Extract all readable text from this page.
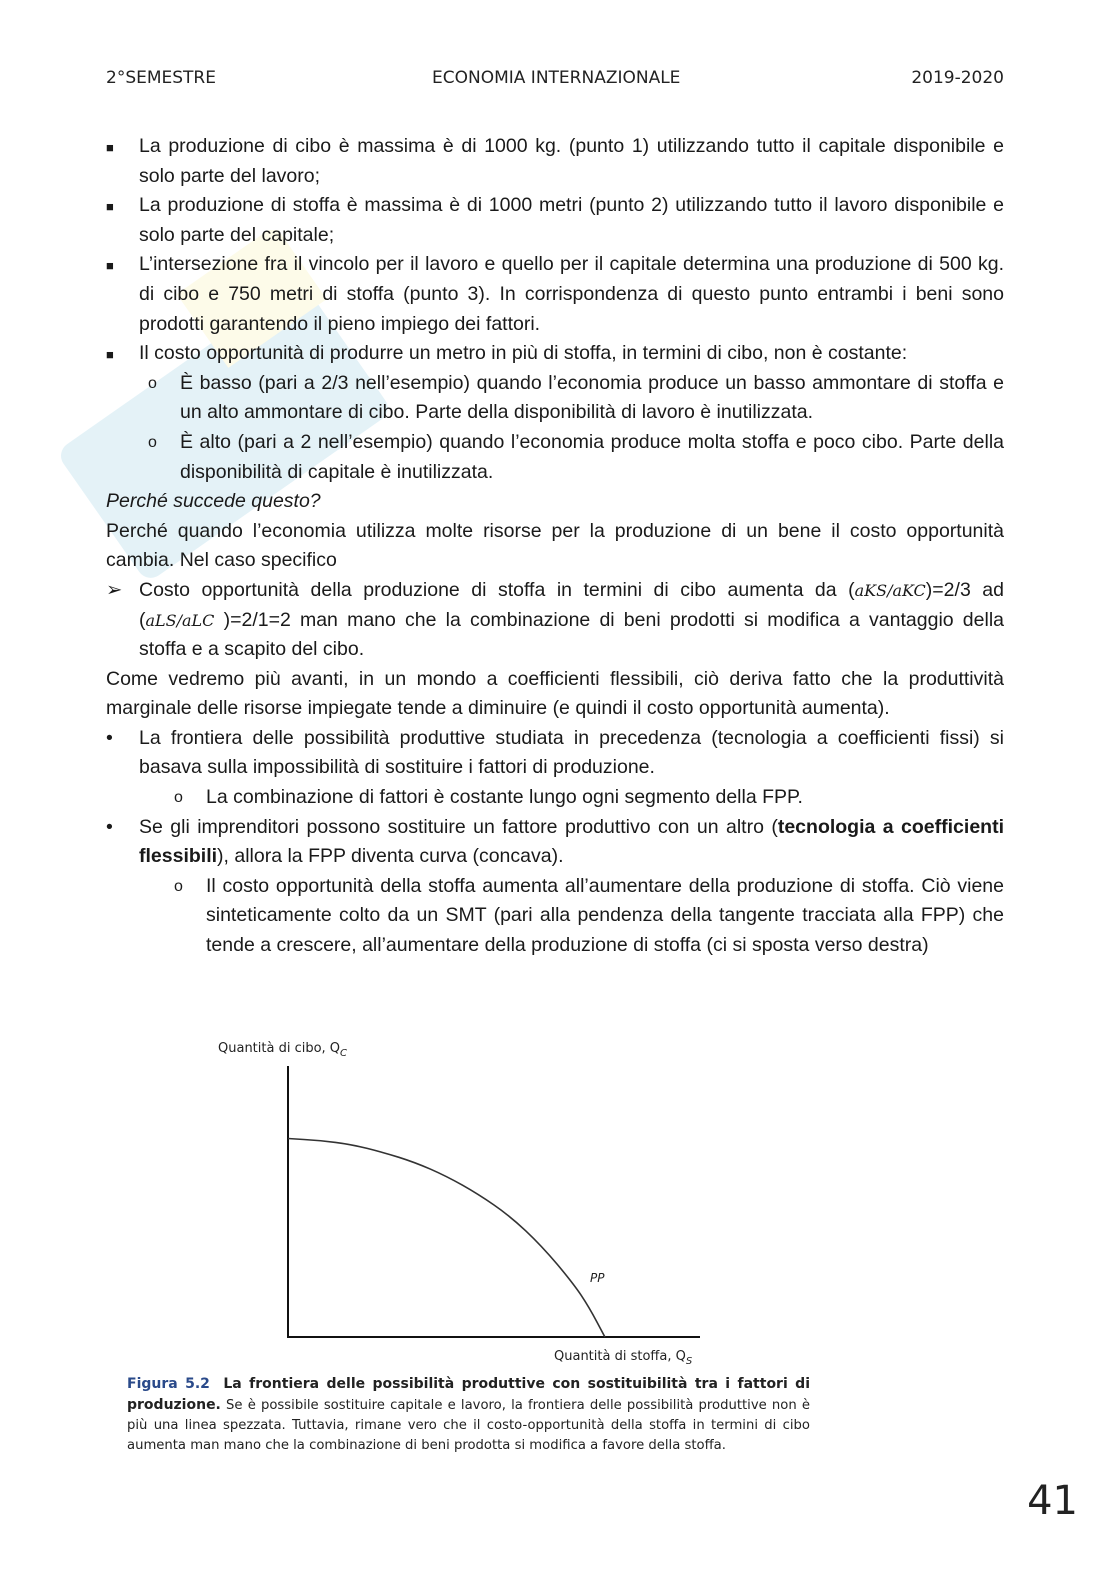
2°SEMESTRE	ECONOMIA INTERNAZIONALE	2019-2020

■ La produzione di cibo è massima è di 1000 kg. (punto 1) utilizzando tutto il capitale disponibile e solo parte del lavoro;

■ La produzione di stoffa è massima è di 1000 metri (punto 2) utilizzando tutto il lavoro disponibile e solo parte del capitale;

■ L’intersezione fra il vincolo per il lavoro e quello per il capitale determina una produzione di 500 kg. di cibo e 750 metri di stoffa (punto 3). In corrispondenza di questo punto entrambi i beni sono prodotti garantendo il pieno impiego dei fattori.

■ Il costo opportunità di produrre un metro in più di stoffa, in termini di cibo, non è costante:

o È basso (pari a 2/3 nell’esempio) quando l’economia produce un basso ammontare di stoffa e un alto ammontare di cibo. Parte della disponibilità di lavoro è inutilizzata.

o È alto (pari a 2 nell’esempio) quando l’economia produce molta stoffa e poco cibo. Parte della disponibilità di capitale è inutilizzata.

Perché succede questo?

Perché quando l’economia utilizza molte risorse per la produzione di un bene il costo opportunità cambia. Nel caso specifico

➢ Costo opportunità della produzione di stoffa in termini di cibo aumenta da (aKS/aKC)=2/3 ad (aLS/aLC )=2/1=2 man mano che la combinazione di beni prodotti si modifica a vantaggio della stoffa e a scapito del cibo.

Come vedremo più avanti, in un mondo a coefficienti flessibili, ciò deriva fatto che la produttività marginale delle risorse impiegate tende a diminuire (e quindi il costo opportunità aumenta).

• La frontiera delle possibilità produttive studiata in precedenza (tecnologia a coefficienti fissi) si basava sulla impossibilità di sostituire i fattori di produzione.

o La combinazione di fattori è costante lungo ogni segmento della FPP.

• Se gli imprenditori possono sostituire un fattore produttivo con un altro (tecnologia a coefficienti flessibili), allora la FPP diventa curva (concava).

o Il costo opportunità della stoffa aumenta all’aumentare della produzione di stoffa. Ciò viene sinteticamente colto da un SMT (pari alla pendenza della tangente tracciata alla FPP) che tende a crescere, all’aumentare della produzione di stoffa (ci si sposta verso destra)

Quantità di cibo, $Q_C$
PP
Quantità di stoffa, $Q_S$
Figura 5.2 La frontiera delle possibilità produttive con sostituibilità tra i fattori di produzione. Se è possibile sostituire capitale e lavoro, la frontiera delle possibilità produttive non è più una linea spezzata. Tuttavia, rimane vero che il costo-opportunità della stoffa in termini di cibo aumenta man mano che la combinazione di beni prodotta si modifica a favore della stoffa.
41
